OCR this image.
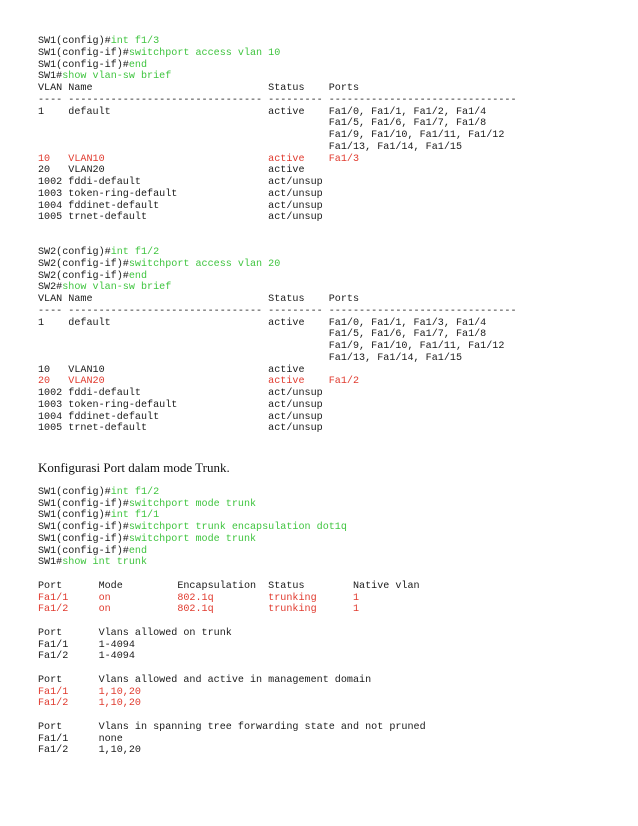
SW1(config)#int f1/3
SW1(config-if)#switchport access vlan 10
SW1(config-if)#end
SW1#show vlan-sw brief
VLAN Name                             Status    Ports
---- -------------------------------- --------- -------------------------------
1    default                          active    Fa1/0, Fa1/1, Fa1/2, Fa1/4
Fa1/5, Fa1/6, Fa1/7, Fa1/8
Fa1/9, Fa1/10, Fa1/11, Fa1/12
Fa1/13, Fa1/14, Fa1/15
10   VLAN10                           active    Fa1/3
20   VLAN20                           active
1002 fddi-default                     act/unsup
1003 token-ring-default               act/unsup
1004 fddinet-default                  act/unsup
1005 trnet-default                    act/unsup
SW2(config)#int f1/2
SW2(config-if)#switchport access vlan 20
SW2(config-if)#end
SW2#show vlan-sw brief
VLAN Name                             Status    Ports
---- -------------------------------- --------- -------------------------------
1    default                          active    Fa1/0, Fa1/1, Fa1/3, Fa1/4
Fa1/5, Fa1/6, Fa1/7, Fa1/8
Fa1/9, Fa1/10, Fa1/11, Fa1/12
Fa1/13, Fa1/14, Fa1/15
10   VLAN10                           active
20   VLAN20                           active    Fa1/2
1002 fddi-default                     act/unsup
1003 token-ring-default               act/unsup
1004 fddinet-default                  act/unsup
1005 trnet-default                    act/unsup
Konfigurasi Port dalam mode Trunk.
SW1(config)#int f1/2
SW1(config-if)#switchport mode trunk
SW1(config)#int f1/1
SW1(config-if)#switchport trunk encapsulation dot1q
SW1(config-if)#switchport mode trunk
SW1(config-if)#end
SW1#show int trunk
Port      Mode         Encapsulation  Status        Native vlan
Fa1/1     on           802.1q         trunking      1
Fa1/2     on           802.1q         trunking      1
Port      Vlans allowed on trunk
Fa1/1     1-4094
Fa1/2     1-4094
Port      Vlans allowed and active in management domain
Fa1/1     1,10,20
Fa1/2     1,10,20
Port      Vlans in spanning tree forwarding state and not pruned
Fa1/1     none
Fa1/2     1,10,20
